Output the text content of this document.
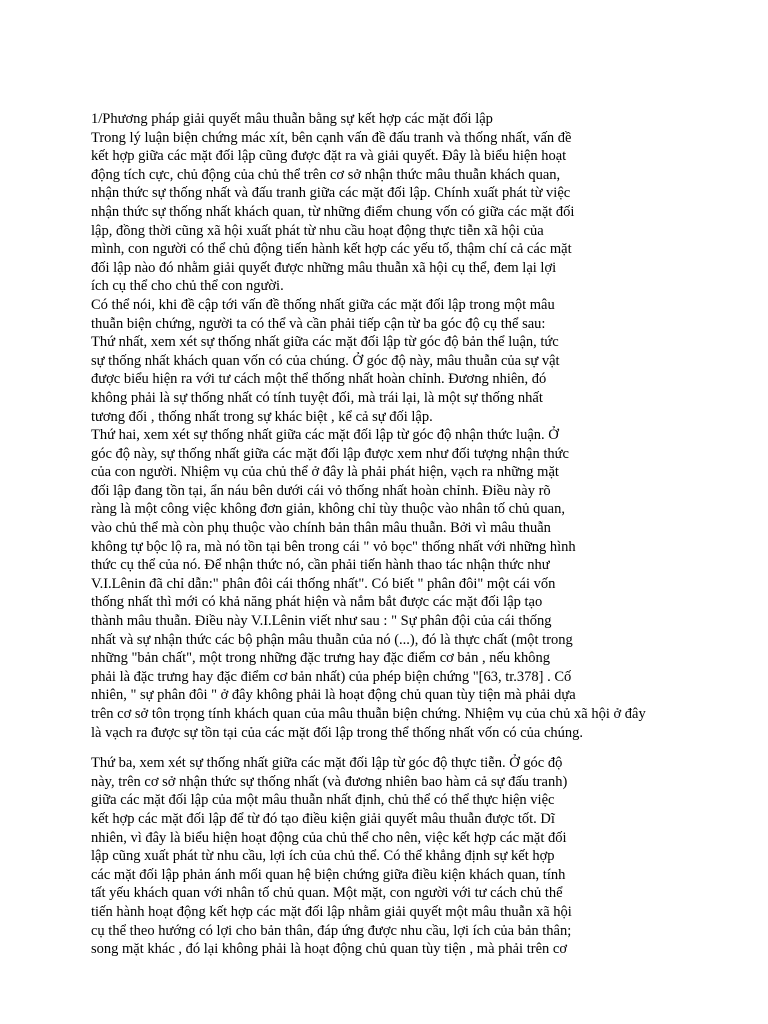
1/Phương pháp giải quyết mâu thuẫn bằng sự kết hợp các mặt đối lập
Trong lý luận biện chứng mác xít, bên cạnh vấn đề đấu tranh và thống nhất, vấn đề
kết hợp giữa các mặt đối lập cũng được đặt ra và giải quyết. Đây là biểu hiện hoạt
động tích cực, chủ động của chủ thể trên cơ sở nhận thức mâu thuẫn khách quan,
nhận thức sự thống nhất và đấu tranh giữa các mặt đối lập. Chính xuất phát từ việc
nhận thức sự thống nhất khách quan, từ những điểm chung vốn có giữa các mặt đối
lập, đồng thời cũng xã hội xuất phát từ nhu cầu hoạt động thực tiễn xã hội của
mình, con người có thể chủ động tiến hành kết hợp các yếu tố, thậm chí cả các mặt
đối lập nào đó nhằm giải quyết được những mâu thuẫn xã hội cụ thể, đem lại lợi
ích cụ thể cho chủ thể con người.
Có thể nói, khi đề cập tới vấn đề thống nhất giữa các mặt đối lập trong một mâu
thuẫn biện chứng, người ta có thể và cần phải tiếp cận từ ba góc độ cụ thể sau:
Thứ nhất, xem xét sự thống nhất giữa các mặt đối lập từ góc độ bản thể luận, tức
sự thống nhất khách quan vốn có của chúng. Ở góc độ này, mâu thuẫn của sự vật
được biểu hiện ra với tư cách một thể thống nhất hoàn chỉnh. Đương nhiên, đó
không phải là sự thống nhất có tính tuyệt đối, mà trái lại, là một sự thống nhất
tương đối , thống nhất trong sự khác biệt , kể cả sự đối lập.
Thứ hai, xem xét sự thống nhất giữa các mặt đối lập từ góc độ nhận thức luận. Ở
góc độ này, sự thống nhất giữa các mặt đối lập được xem như đối tượng nhận thức
của con người. Nhiệm vụ của chủ thể ở đây là phải phát hiện, vạch ra những mặt
đối lập đang tồn tại, ẩn náu bên dưới cái vỏ thống nhất hoàn chỉnh. Điều này rõ
ràng là một công việc không đơn giản, không chỉ tùy thuộc vào nhân tố chủ quan,
vào chủ thể mà còn phụ thuộc vào chính bản thân mâu thuẫn. Bởi vì mâu thuẫn
không tự bộc lộ ra, mà nó tồn tại bên trong cái " vỏ bọc" thống nhất với những hình
thức cụ thể của nó. Để nhận thức nó, cần phải tiến hành thao tác nhận thức như
V.I.Lênin đã chỉ dẫn:" phân đôi cái thống nhất". Có biết " phân đôi" một cái vốn
thống nhất thì mới có khả năng phát hiện và nắm bắt được các mặt đối lập tạo
thành mâu thuẫn. Điều này V.I.Lênin viết như sau : " Sự phân đội của cái thống
nhất và sự nhận thức các bộ phận mâu thuẫn của nó (...), đó là thực chất (một trong
những "bản chất", một trong những đặc trưng hay đặc điểm cơ bản , nếu không
phải là đặc trưng hay đặc điểm cơ bản nhất) của phép biện chứng "[63, tr.378] . Cố
nhiên, " sự phân đôi " ở đây không phải là hoạt động chủ quan tùy tiện mà phải dựa
trên cơ sở tôn trọng tính khách quan của mâu thuẫn biện chứng. Nhiệm vụ của chủ xã hội ở đây
là vạch ra được sự tồn tại của các mặt đối lập trong thể thống nhất vốn có của chúng.
Thứ ba, xem xét sự thống nhất giữa các mặt đối lập từ góc độ thực tiễn. Ở góc độ
này, trên cơ sở nhận thức sự thống nhất (và đương nhiên bao hàm cả sự đấu tranh)
giữa các mặt đối lập của một mâu thuẫn nhất định, chủ thể có thể thực hiện việc
kết hợp các mặt đối lập để từ đó tạo điều kiện giải quyết mâu thuẫn được tốt. Dĩ
nhiên, vì đây là biểu hiện hoạt động của chủ thể cho nên, việc kết hợp các mặt đối
lập cũng xuất phát từ nhu cầu, lợi ích của chủ thể. Có thể khẳng định sự kết hợp
các mặt đối lập phản ánh mối quan hệ biện chứng giữa điều kiện khách quan, tính
tất yếu khách quan với nhân tố chủ quan. Một mặt, con người với tư cách chủ thể
tiến hành hoạt động kết hợp các mặt đối lập nhằm giải quyết một mâu thuẫn xã hội
cụ thể theo hướng có lợi cho bản thân, đáp ứng được nhu cầu, lợi ích của bản thân;
song mặt khác , đó lại không phải là hoạt động chủ quan tùy tiện , mà phải trên cơ
